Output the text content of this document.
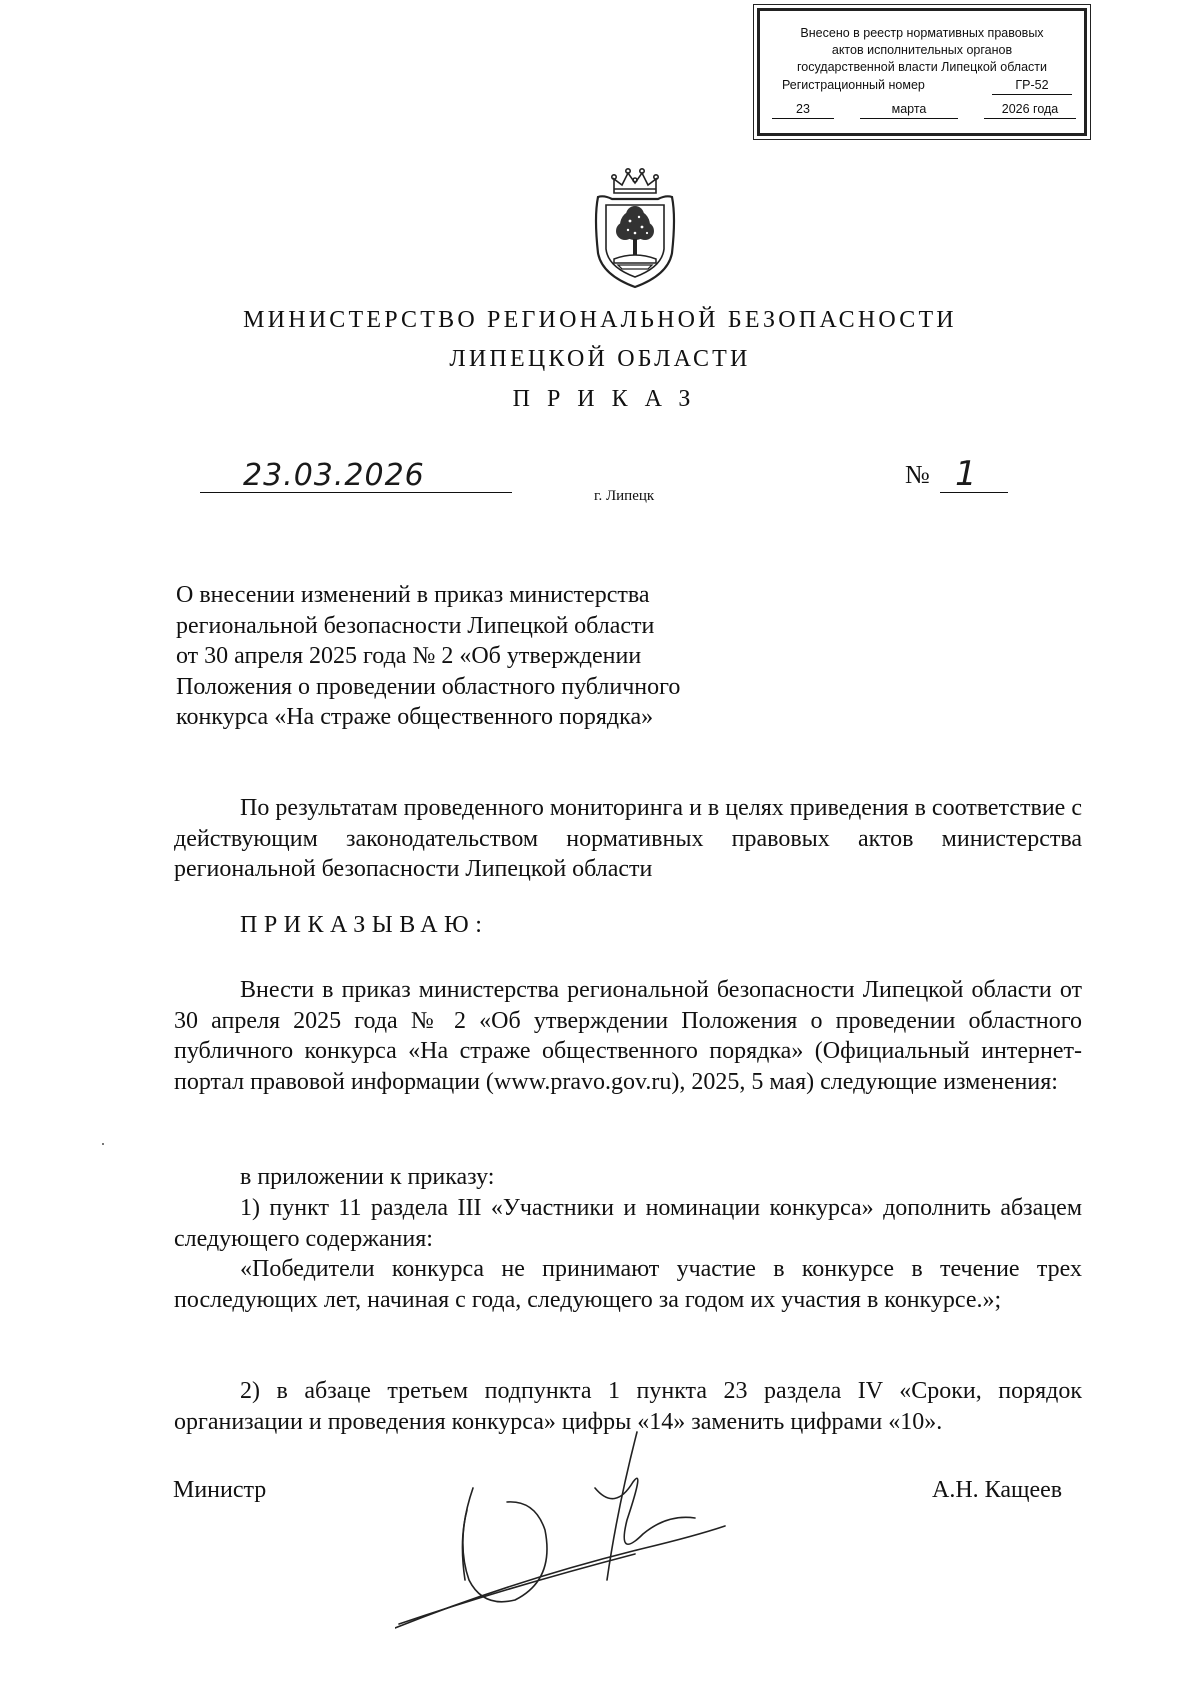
Внесено в реестр нормативных правовых
актов исполнительных органов
государственной власти Липецкой области
Регистрационный номер	ГР-52
23	марта	2026 года
МИНИСТЕРСТВО РЕГИОНАЛЬНОЙ БЕЗОПАСНОСТИ
ЛИПЕЦКОЙ ОБЛАСТИ
ПРИКАЗ
23.03.2026
г. Липецк
№ 1
О внесении изменений в приказ министерства
региональной безопасности Липецкой области
от 30 апреля 2025 года № 2 «Об утверждении
Положения о проведении областного публичного
конкурса «На страже общественного порядка»
По результатам проведенного мониторинга и в целях приведения в соответствие с действующим законодательством нормативных правовых актов министерства региональной безопасности Липецкой области
ПРИКАЗЫВАЮ:
Внести в приказ министерства региональной безопасности Липецкой области от 30 апреля 2025 года № 2 «Об утверждении Положения о проведении областного публичного конкурса «На страже общественного порядка» (Официальный интернет-портал правовой информации (www.pravo.gov.ru), 2025, 5 мая) следующие изменения:
в приложении к приказу:
1) пункт 11 раздела III «Участники и номинации конкурса» дополнить абзацем следующего содержания:
«Победители конкурса не принимают участие в конкурсе в течение трех последующих лет, начиная с года, следующего за годом их участия в конкурсе.»;
2) в абзаце третьем подпункта 1 пункта 23 раздела IV «Сроки, порядок организации и проведения конкурса» цифры «14» заменить цифрами «10».
Министр	А.Н. Кащеев
